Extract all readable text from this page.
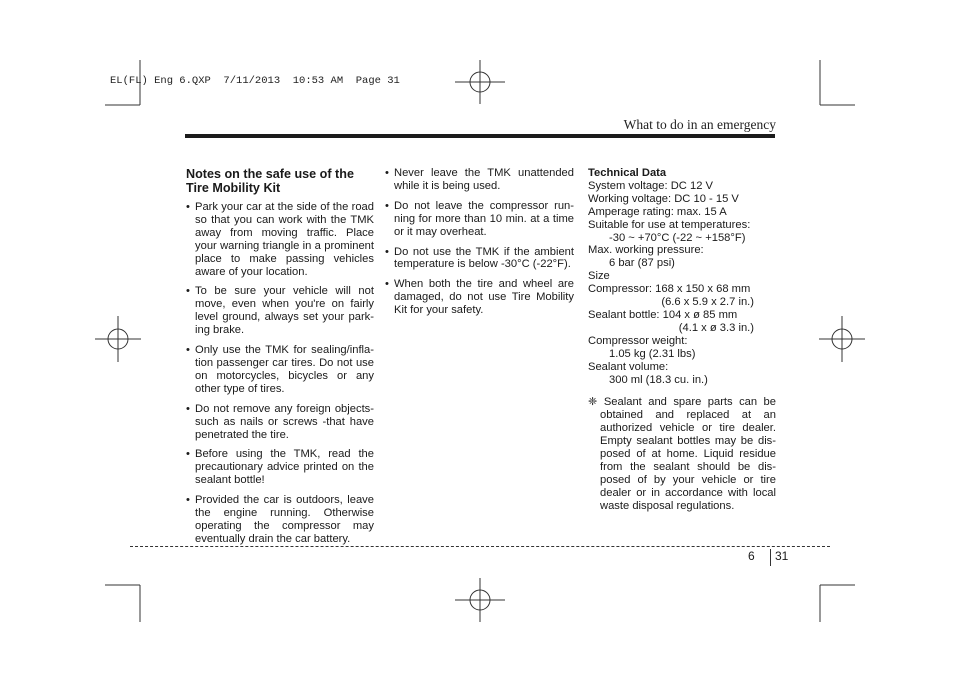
EL(FL) Eng 6.QXP  7/11/2013  10:53 AM  Page 31
What to do in an emergency
Notes on the safe use of the Tire Mobility Kit
• Park your car at the side of the road so that you can work with the TMK away from moving traffic. Place your warning triangle in a prominent place to make passing vehicles aware of your location.
• To be sure your vehicle will not move, even when you're on fairly level ground, always set your park-ing brake.
• Only use the TMK for sealing/infla-tion passenger car tires. Do not use on motorcycles, bicycles or any other type of tires.
• Do not remove any foreign objects-such as nails or screws -that have penetrated the tire.
• Before using the TMK, read the precautionary advice printed on the sealant bottle!
• Provided the car is outdoors, leave the engine running. Otherwise operating the compressor may eventually drain the car battery.
• Never leave the TMK unattended while it is being used.
• Do not leave the compressor run-ning for more than 10 min. at a time or it may overheat.
• Do not use the TMK if the ambient temperature is below -30°C (-22°F).
• When both the tire and wheel are damaged, do not use Tire Mobility Kit for your safety.
Technical Data
System voltage: DC 12 V
Working voltage: DC 10 - 15 V
Amperage rating: max. 15 A
Suitable for use at temperatures:
-30 ~ +70°C (-22 ~ +158°F)
Max. working pressure:
6 bar (87 psi)
Size
Compressor: 168 x 150 x 68 mm
(6.6 x 5.9 x 2.7 in.)
Sealant bottle: 104 x ø 85 mm
(4.1 x ø 3.3 in.)
Compressor weight:
1.05 kg (2.31 lbs)
Sealant volume:
300 ml (18.3 cu. in.)
❈ Sealant and spare parts can be obtained and replaced at an authorized vehicle or tire dealer. Empty sealant bottles may be dis-posed of at home. Liquid residue from the sealant should be dis-posed of by your vehicle or tire dealer or in accordance with local waste disposal regulations.
6 31
